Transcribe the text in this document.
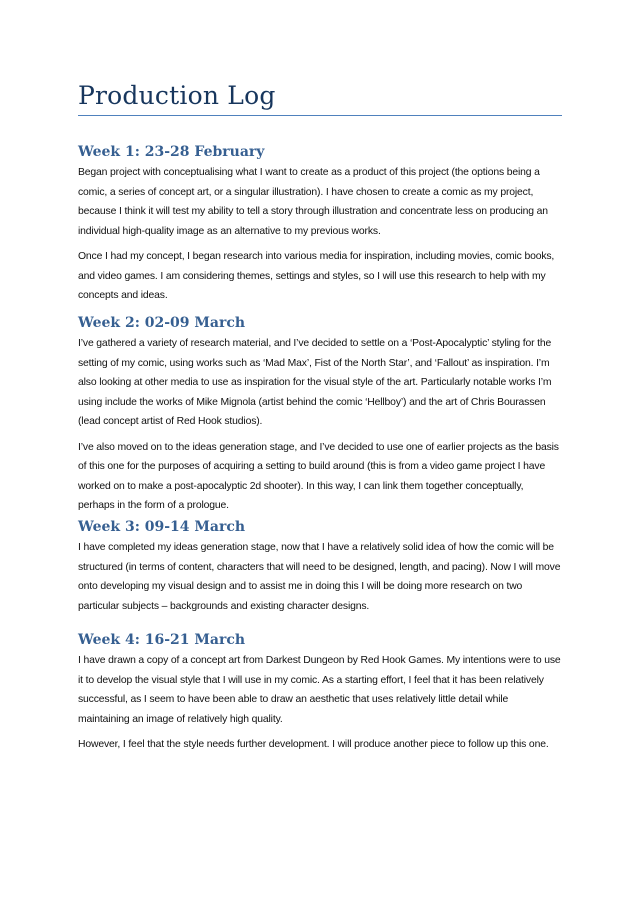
Production Log
Week 1: 23-28 February

Began project with conceptualising what I want to create as a product of this project (the options being a comic, a series of concept art, or a singular illustration). I have chosen to create a comic as my project, because I think it will test my ability to tell a story through illustration and concentrate less on producing an individual high-quality image as an alternative to my previous works.

Once I had my concept, I began research into various media for inspiration, including movies, comic books, and video games. I am considering themes, settings and styles, so I will use this research to help with my concepts and ideas.

Week 2: 02-09 March

I’ve gathered a variety of research material, and I’ve decided to settle on a ‘Post-Apocalyptic’ styling for the setting of my comic, using works such as ‘Mad Max’, Fist of the North Star’, and ‘Fallout’ as inspiration. I’m also looking at other media to use as inspiration for the visual style of the art. Particularly notable works I’m using include the works of Mike Mignola (artist behind the comic ‘Hellboy’) and the art of Chris Bourassen (lead concept artist of Red Hook studios).

I’ve also moved on to the ideas generation stage, and I’ve decided to use one of earlier projects as the basis of this one for the purposes of acquiring a setting to build around (this is from a video game project I have worked on to make a post-apocalyptic 2d shooter). In this way, I can link them together conceptually, perhaps in the form of a prologue.

Week 3: 09-14 March

I have completed my ideas generation stage, now that I have a relatively solid idea of how the comic will be structured (in terms of content, characters that will need to be designed, length, and pacing). Now I will move onto developing my visual design and to assist me in doing this I will be doing more research on two particular subjects – backgrounds and existing character designs.

Week 4: 16-21 March

I have drawn a copy of a concept art from Darkest Dungeon by Red Hook Games. My intentions were to use it to develop the visual style that I will use in my comic. As a starting effort, I feel that it has been relatively successful, as I seem to have been able to draw an aesthetic that uses relatively little detail while maintaining an image of relatively high quality.

However, I feel that the style needs further development. I will produce another piece to follow up this one.
